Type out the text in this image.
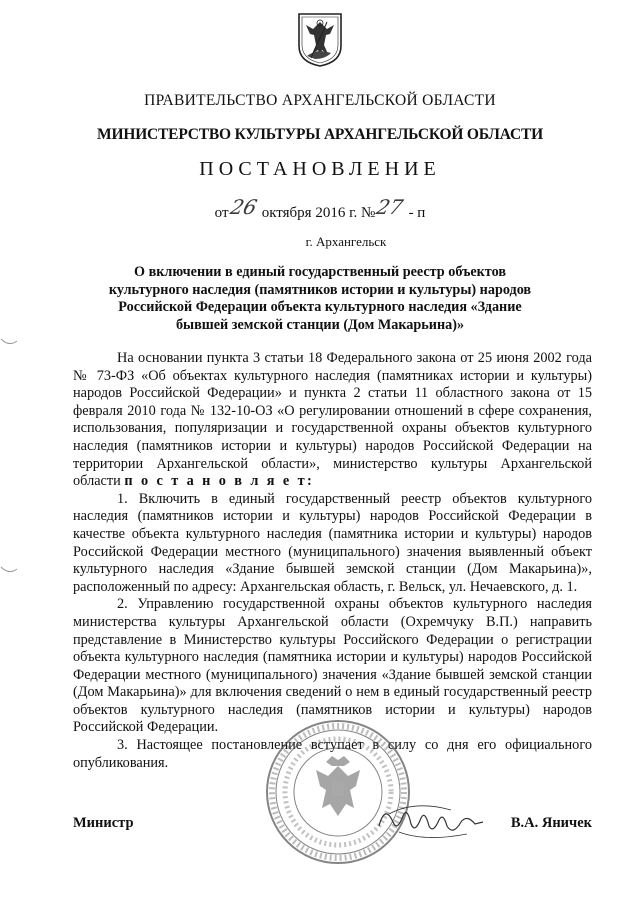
ПРАВИТЕЛЬСТВО АРХАНГЕЛЬСКОЙ ОБЛАСТИ
МИНИСТЕРСТВО КУЛЬТУРЫ АРХАНГЕЛЬСКОЙ ОБЛАСТИ
ПОСТАНОВЛЕНИЕ
от26 октября 2016 г. №27 - п
г. Архангельск
О включении в единый государственный реестр объектов культурного наследия (памятников истории и культуры) народов Российской Федерации объекта культурного наследия «Здание бывшей земской станции (Дом Макарьина)»

На основании пункта 3 статьи 18 Федерального закона от 25 июня 2002 года № 73-ФЗ «Об объектах культурного наследия (памятниках истории и культуры) народов Российской Федерации» и пункта 2 статьи 11 областного закона от 15 февраля 2010 года № 132-10-ОЗ «О регулировании отношений в сфере сохранения, использования, популяризации и государственной охраны объектов культурного наследия (памятников истории и культуры) народов Российской Федерации на территории Архангельской области», министерство культуры Архангельской области п о с т а н о в л я е т:

1. Включить в единый государственный реестр объектов культурного наследия (памятников истории и культуры) народов Российской Федерации в качестве объекта культурного наследия (памятника истории и культуры) народов Российской Федерации местного (муниципального) значения выявленный объект культурного наследия «Здание бывшей земской станции (Дом Макарьина)», расположенный по адресу: Архангельская область, г. Вельск, ул. Нечаевского, д. 1.

2. Управлению государственной охраны объектов культурного наследия министерства культуры Архангельской области (Охремчуку В.П.) направить представление в Министерство культуры Российского Федерации о регистрации объекта культурного наследия (памятника истории и культуры) народов Российской Федерации местного (муниципального) значения «Здание бывшей земской станции (Дом Макарьина)» для включения сведений о нем в единый государственный реестр объектов культурного наследия (памятников истории и культуры) народов Российской Федерации.

3. Настоящее постановление вступает в силу со дня его официального опубликования.

Министр	В.А. Яничек
